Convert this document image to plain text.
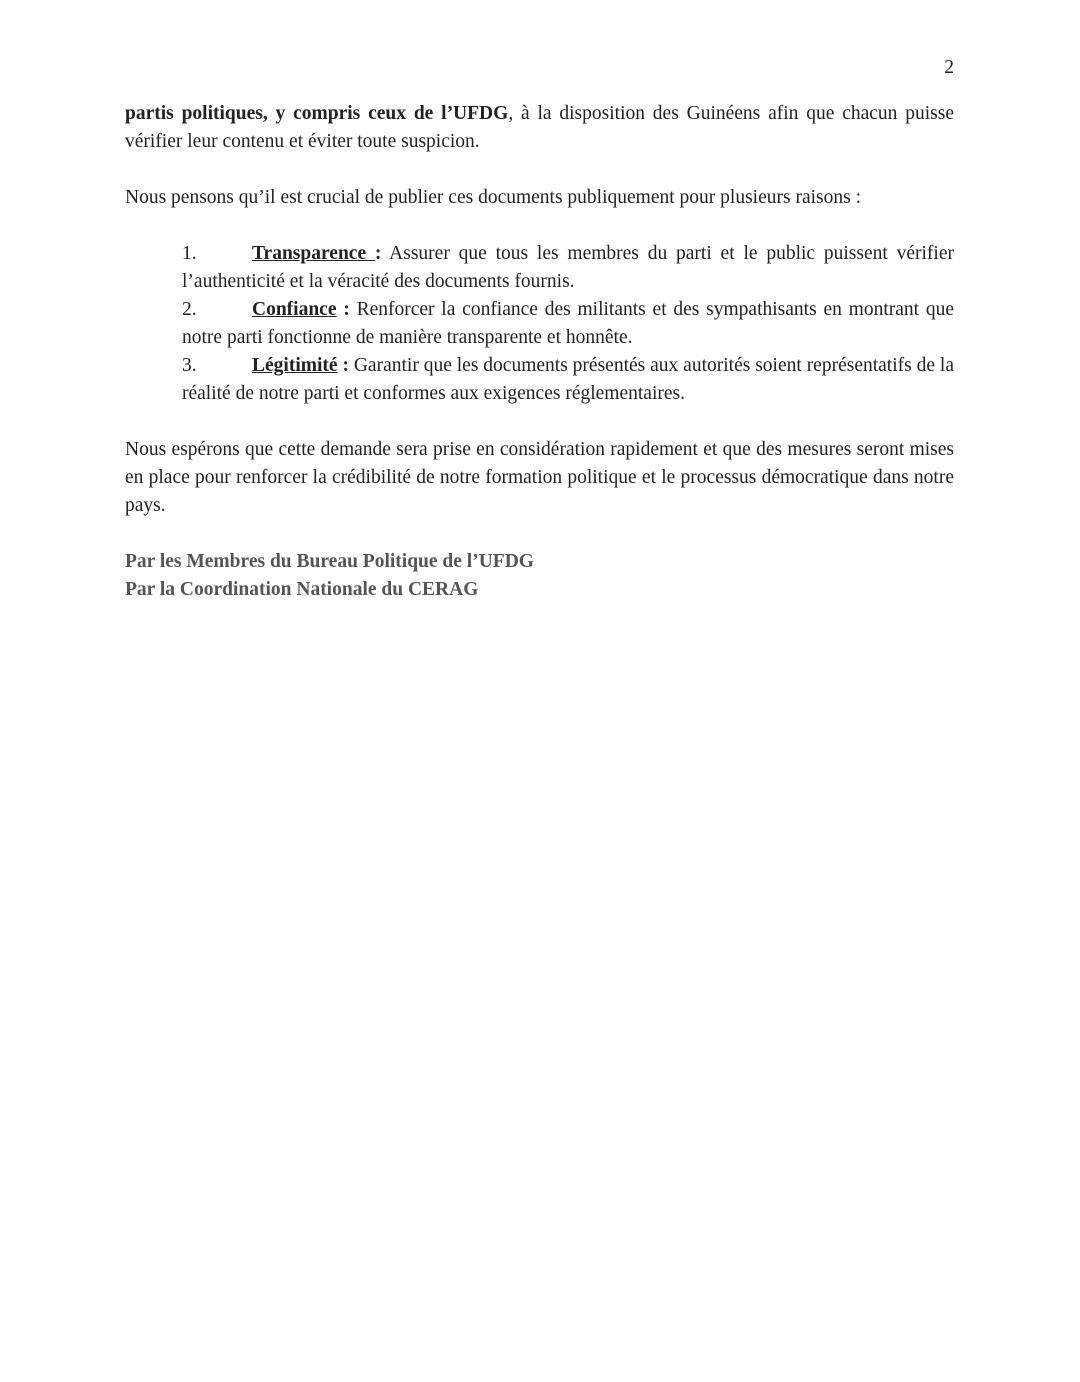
2

partis politiques, y compris ceux de l’UFDG, à la disposition des Guinéens afin que chacun puisse vérifier leur contenu et éviter toute suspicion.

Nous pensons qu’il est crucial de publier ces documents publiquement pour plusieurs raisons :

1.	Transparence : Assurer que tous les membres du parti et le public puissent vérifier l’authenticité et la véracité des documents fournis.
2.	Confiance : Renforcer la confiance des militants et des sympathisants en montrant que notre parti fonctionne de manière transparente et honnête.
3.	Légitimité : Garantir que les documents présentés aux autorités soient représentatifs de la réalité de notre parti et conformes aux exigences réglementaires.

Nous espérons que cette demande sera prise en considération rapidement et que des mesures seront mises en place pour renforcer la crédibilité de notre formation politique et le processus démocratique dans notre pays.

Par les Membres du Bureau Politique de l’UFDG

Par la Coordination Nationale du CERAG
